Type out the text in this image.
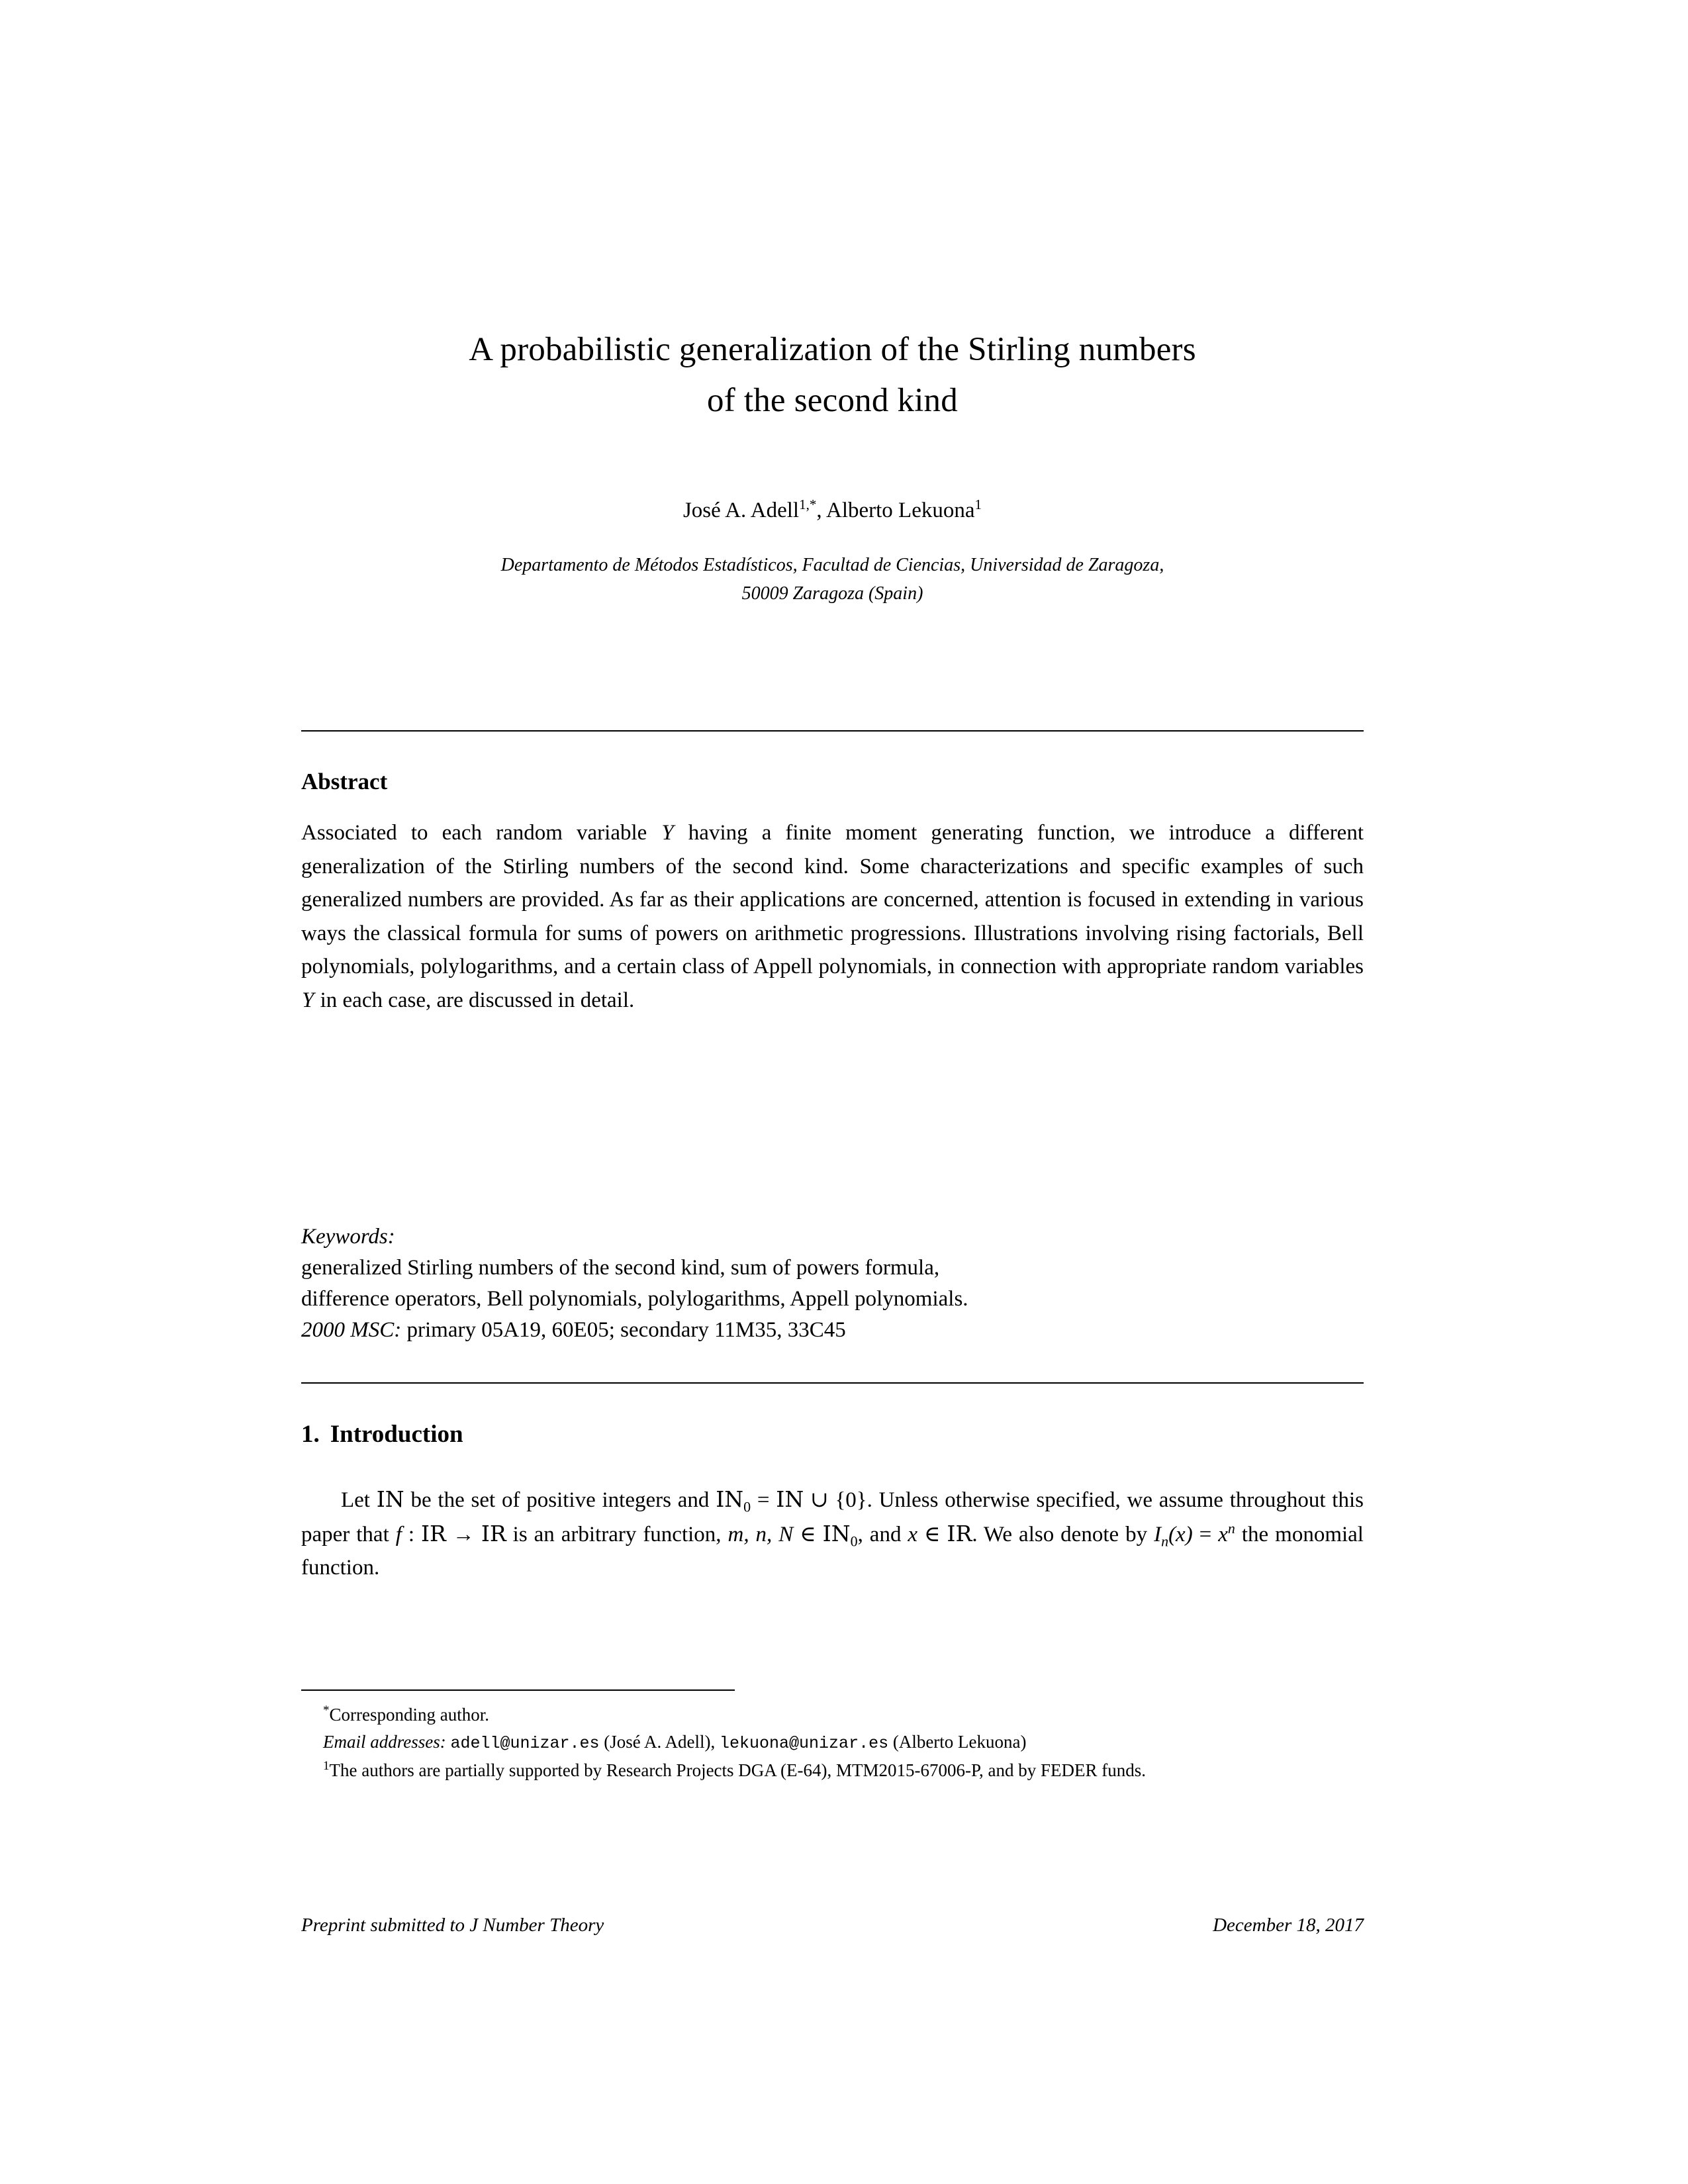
A probabilistic generalization of the Stirling numbers
of the second kind
José A. Adell$^{1,*}$, Alberto Lekuona$^1$
Departamento de Métodos Estadísticos, Facultad de Ciencias, Universidad de Zaragoza,
50009 Zaragoza (Spain)
Abstract
Associated to each random variable Y having a finite moment generating function, we introduce a different generalization of the Stirling numbers of the second kind. Some characterizations and specific examples of such generalized numbers are provided. As far as their applications are concerned, attention is focused in extending in various ways the classical formula for sums of powers on arithmetic progressions. Illustrations involving rising factorials, Bell polynomials, polylogarithms, and a certain class of Appell polynomials, in connection with appropriate random variables Y in each case, are discussed in detail.
Keywords:
generalized Stirling numbers of the second kind, sum of powers formula,
difference operators, Bell polynomials, polylogarithms, Appell polynomials.
2000 MSC: primary 05A19, 60E05; secondary 11M35, 33C45
1. Introduction
Let IN be the set of positive integers and $IN_0$ = IN ∪ {0}. Unless otherwise specified, we assume throughout this paper that f : IR → IR is an arbitrary function, m, n, N ∈ $IN_0$, and x ∈ IR. We also denote by $I_n(x) = x^n$ the monomial function.

*Corresponding author.

Email addresses: adell@unizar.es (José A. Adell), lekuona@unizar.es (Alberto Lekuona)

$^1$The authors are partially supported by Research Projects DGA (E-64), MTM2015-67006-P, and by FEDER funds.

Preprint submitted to J Number Theory	December 18, 2017
